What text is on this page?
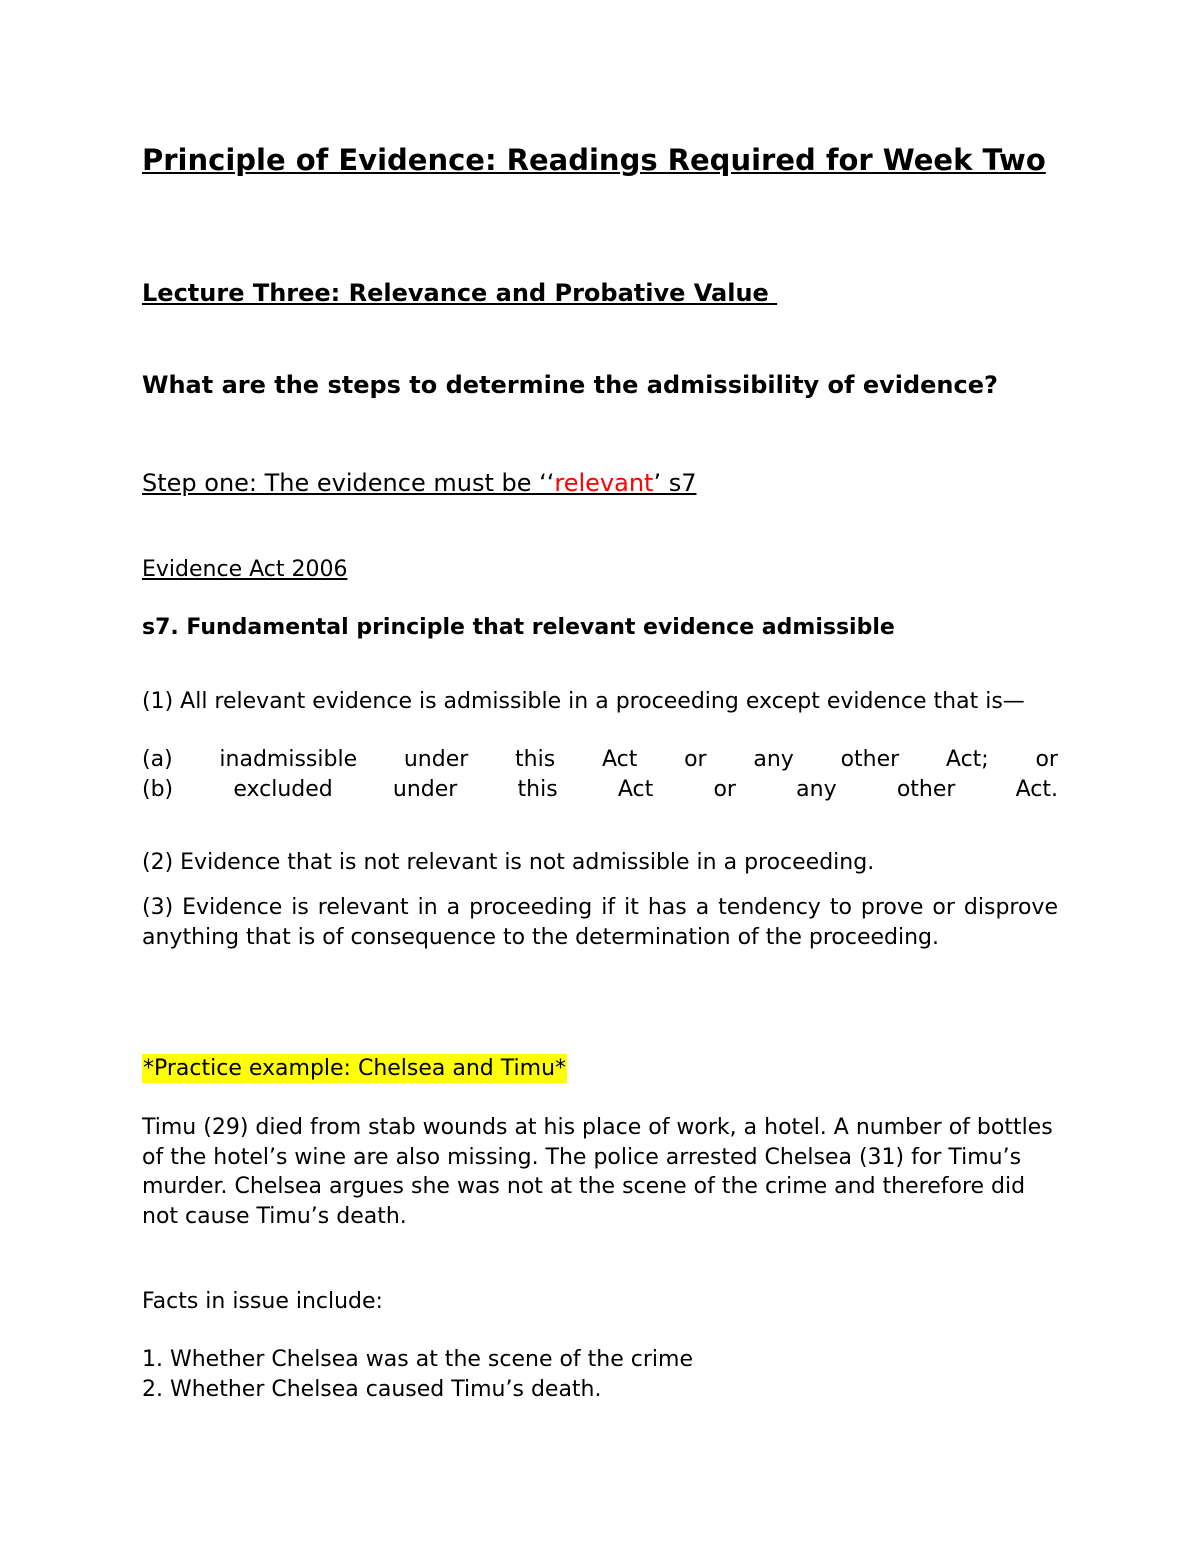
Principle of Evidence: Readings Required for Week Two
Lecture Three: Relevance and Probative Value
What are the steps to determine the admissibility of evidence?

Step one: The evidence must be ‘‘relevant’ s7

Evidence Act 2006

s7. Fundamental principle that relevant evidence admissible

(1) All relevant evidence is admissible in a proceeding except evidence that is—

(a) inadmissible under this Act or any other Act; or
(b)	excluded	under	this	Act	or	any	other	Act.

(2) Evidence that is not relevant is not admissible in a proceeding.

(3) Evidence is relevant in a proceeding if it has a tendency to prove or disprove anything that is of consequence to the determination of the proceeding.

*Practice example: Chelsea and Timu*

Timu (29) died from stab wounds at his place of work, a hotel. A number of bottles of the hotel’s wine are also missing. The police arrested Chelsea (31) for Timu’s murder. Chelsea argues she was not at the scene of the crime and therefore did not cause Timu’s death.

Facts in issue include:

1. Whether Chelsea was at the scene of the crime

2. Whether Chelsea caused Timu’s death.
